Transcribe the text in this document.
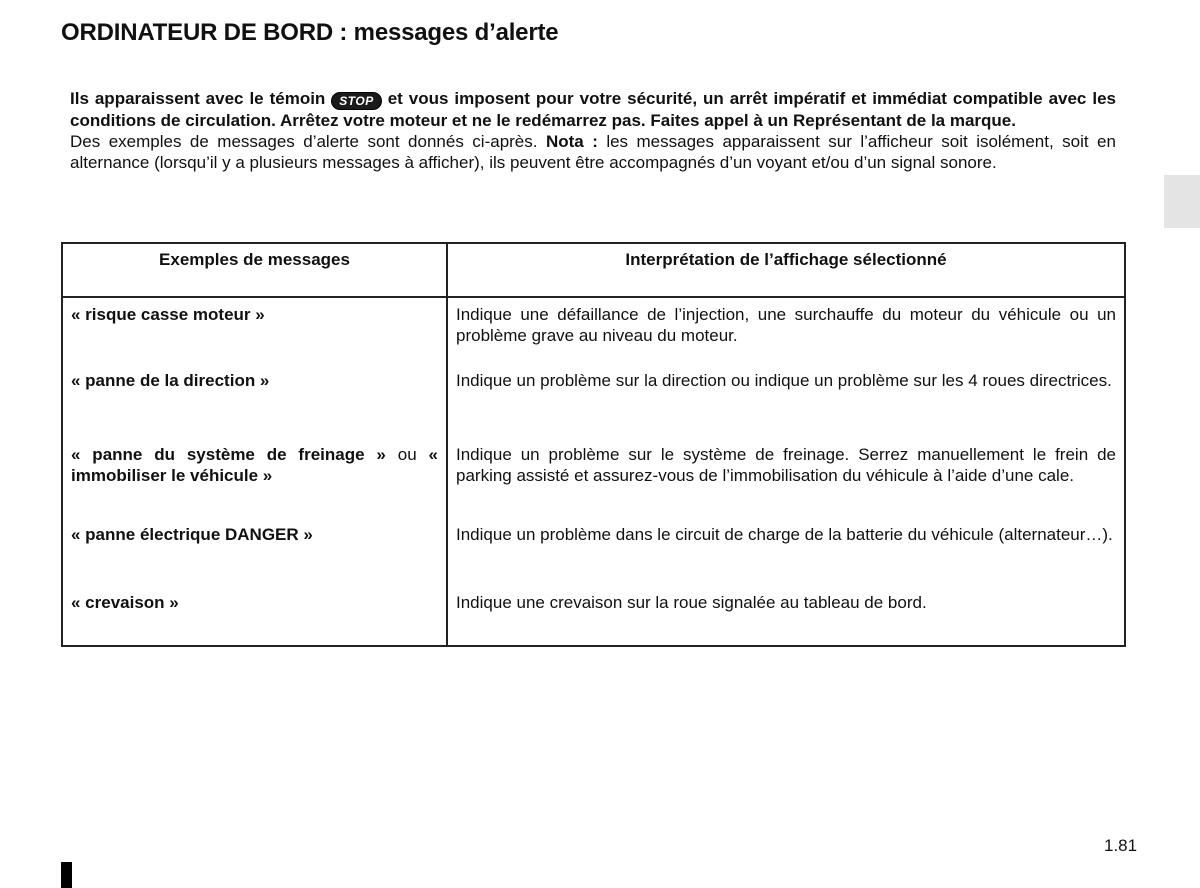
ORDINATEUR DE BORD : messages d’alerte

Ils apparaissent avec le témoin STOP et vous imposent pour votre sécurité, un arrêt impératif et immédiat compatible avec les conditions de circulation. Arrêtez votre moteur et ne le redémarrez pas. Faites appel à un Représentant de la marque.
Des exemples de messages d’alerte sont donnés ci-après. Nota : les messages apparaissent sur l’afficheur soit isolément, soit en alternance (lorsqu’il y a plusieurs messages à afficher), ils peuvent être accompagnés d’un voyant et/ou d’un signal sonore.

Exemples de messages	Interprétation de l’affichage sélectionné
« risque casse moteur »	Indique une défaillance de l’injection, une surchauffe du moteur du véhicule ou un problème grave au niveau du moteur.
« panne de la direction »	Indique un problème sur la direction ou indique un problème sur les 4 roues directrices.
« panne du système de freinage » ou « immobiliser le véhicule »	Indique un problème sur le système de freinage. Serrez manuellement le frein de parking assisté et assurez-vous de l’immobilisation du véhicule à l’aide d’une cale.
« panne électrique DANGER »	Indique un problème dans le circuit de charge de la batterie du véhicule (alternateur…).
« crevaison »	Indique une crevaison sur la roue signalée au tableau de bord.
1.81
